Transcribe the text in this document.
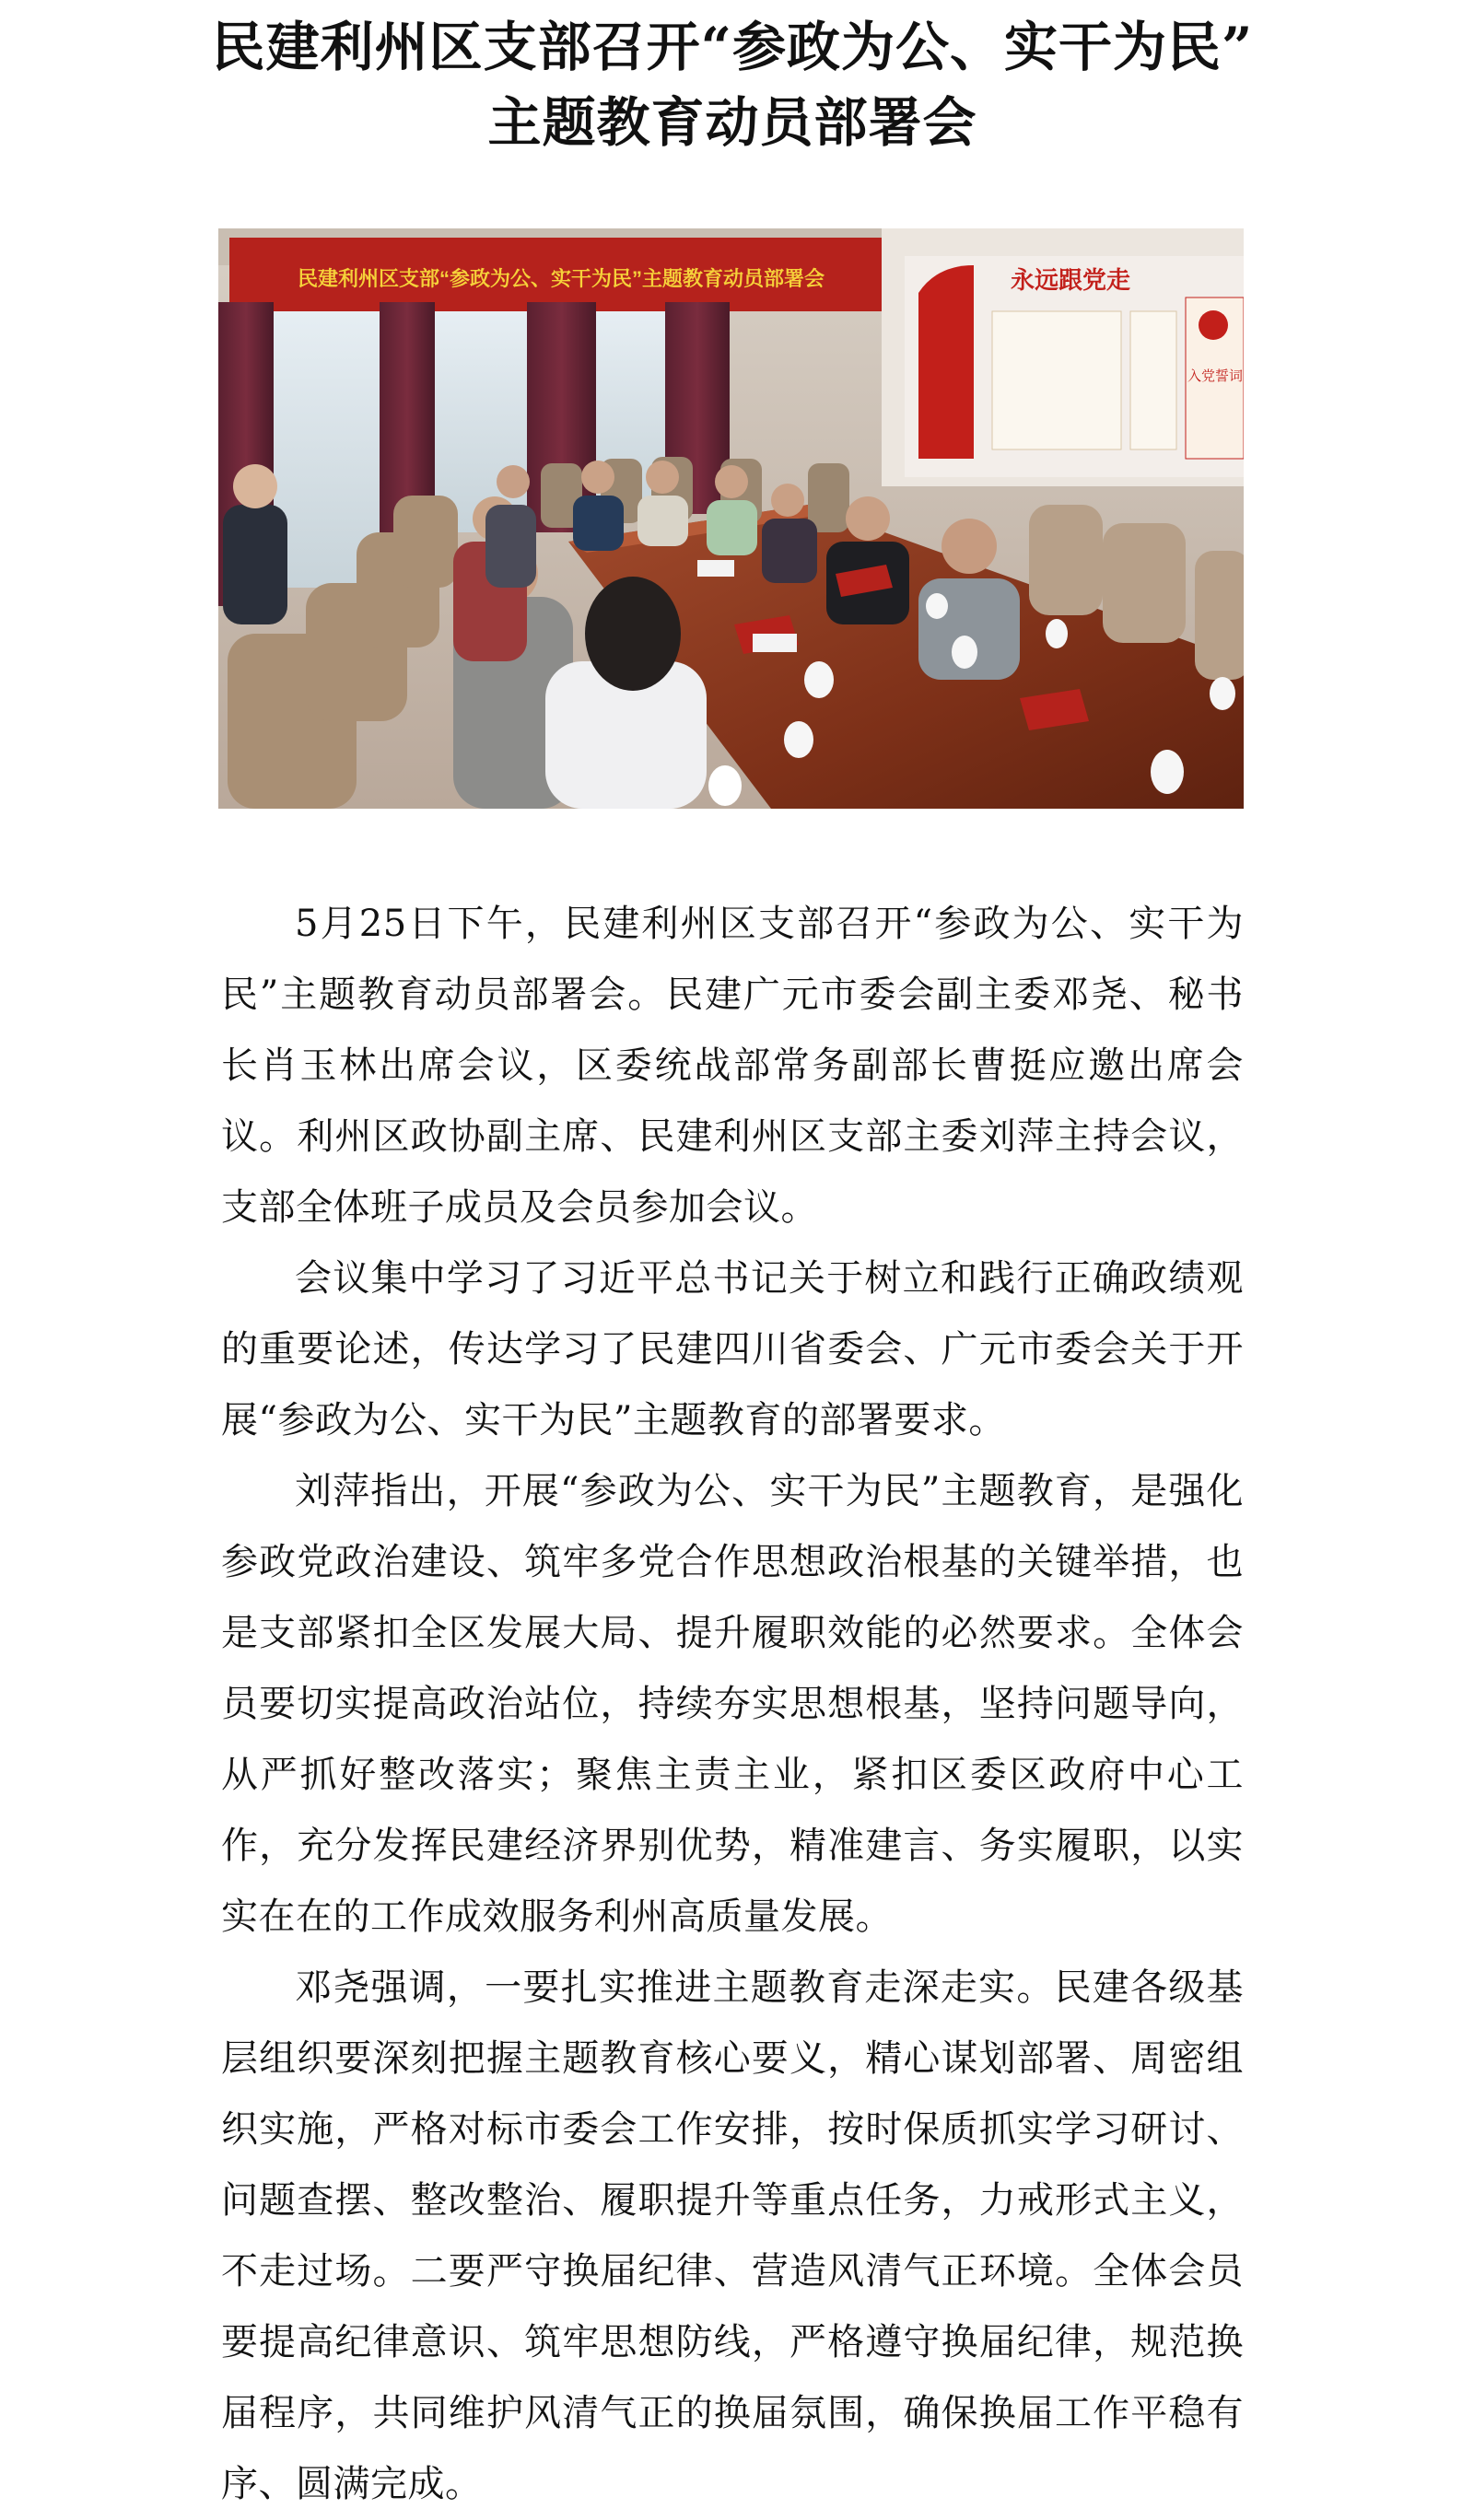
民建利州区支部召开“参政为公、实干为民”
主题教育动员部署会
民建利州区支部“参政为公、实干为民”主题教育动员部署会	永远跟党走
入党誓词

5月25日下午，民建利州区支部召开“参政为公、实干为民”主题教育动员部署会。民建广元市委会副主委邓尧、秘书长肖玉林出席会议，区委统战部常务副部长曹挺应邀出席会议。利州区政协副主席、民建利州区支部主委刘萍主持会议，支部全体班子成员及会员参加会议。

会议集中学习了习近平总书记关于树立和践行正确政绩观的重要论述，传达学习了民建四川省委会、广元市委会关于开展“参政为公、实干为民”主题教育的部署要求。

刘萍指出，开展“参政为公、实干为民”主题教育，是强化参政党政治建设、筑牢多党合作思想政治根基的关键举措，也是支部紧扣全区发展大局、提升履职效能的必然要求。全体会员要切实提高政治站位，持续夯实思想根基，坚持问题导向，从严抓好整改落实；聚焦主责主业，紧扣区委区政府中心工作，充分发挥民建经济界别优势，精准建言、务实履职，以实实在在的工作成效服务利州高质量发展。

邓尧强调，一要扎实推进主题教育走深走实。民建各级基层组织要深刻把握主题教育核心要义，精心谋划部署、周密组织实施，严格对标市委会工作安排，按时保质抓实学习研讨、问题查摆、整改整治、履职提升等重点任务，力戒形式主义，不走过场。二要严守换届纪律、营造风清气正环境。全体会员要提高纪律意识、筑牢思想防线，严格遵守换届纪律，规范换届程序，共同维护风清气正的换届氛围，确保换届工作平稳有序、圆满完成。
